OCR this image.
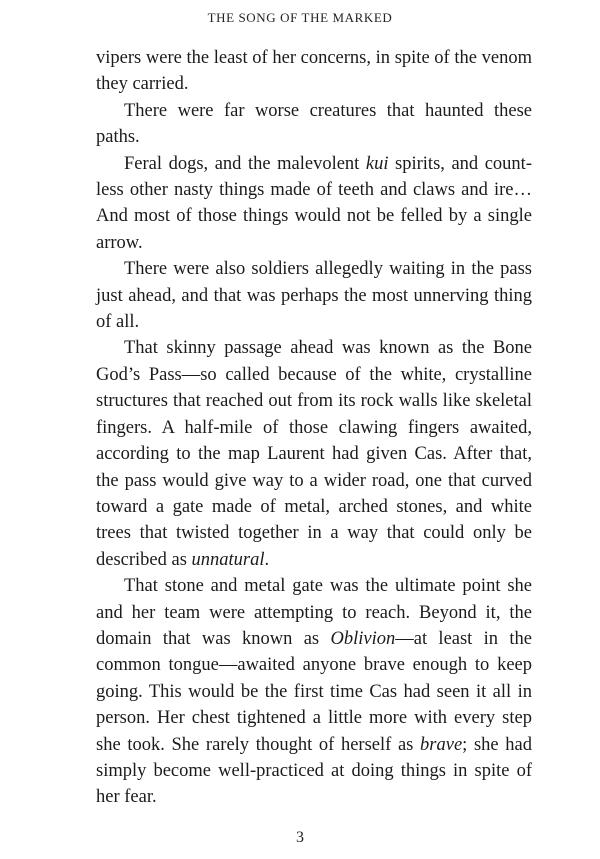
THE SONG OF THE MARKED

vipers were the least of her concerns, in spite of the venom they carried.

There were far worse creatures that haunted these paths.

Feral dogs, and the malevolent kui spirits, and countless other nasty things made of teeth and claws and ire… And most of those things would not be felled by a single arrow.

There were also soldiers allegedly waiting in the pass just ahead, and that was perhaps the most unnerving thing of all.

That skinny passage ahead was known as the Bone God’s Pass—so called because of the white, crystalline structures that reached out from its rock walls like skeletal fingers. A half-mile of those clawing fingers awaited, according to the map Laurent had given Cas. After that, the pass would give way to a wider road, one that curved toward a gate made of metal, arched stones, and white trees that twisted together in a way that could only be described as unnatural.

That stone and metal gate was the ultimate point she and her team were attempting to reach. Beyond it, the domain that was known as Oblivion—at least in the common tongue—awaited anyone brave enough to keep going. This would be the first time Cas had seen it all in person. Her chest tightened a little more with every step she took. She rarely thought of herself as brave; she had simply become well-practiced at doing things in spite of her fear.

3
